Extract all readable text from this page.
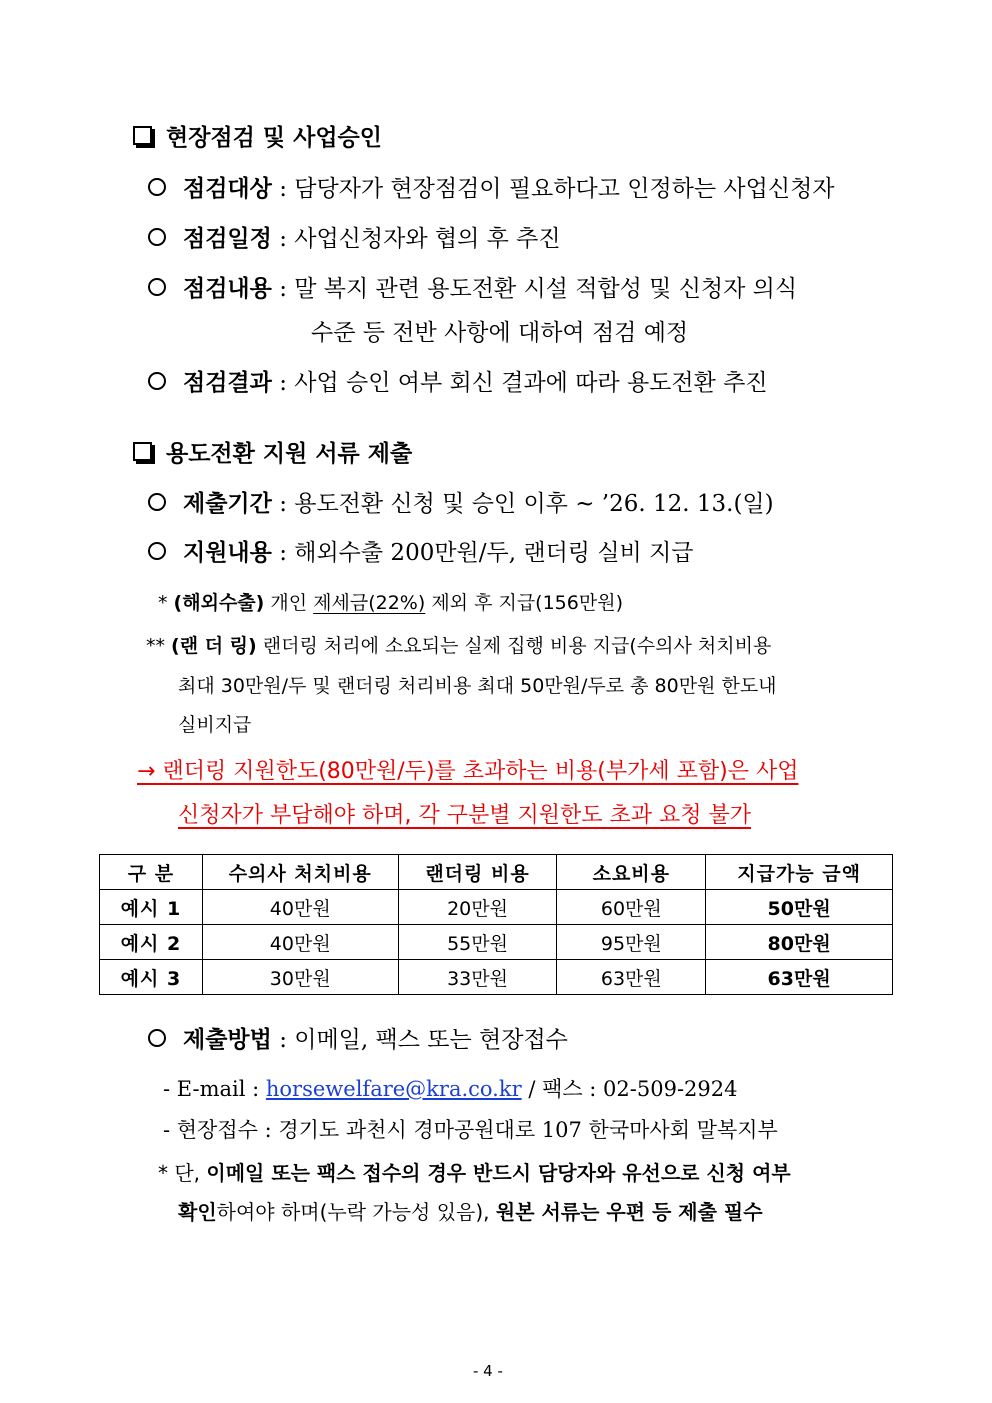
현장점검 및 사업승인
점검대상 : 담당자가 현장점검이 필요하다고 인정하는 사업신청자
점검일정 : 사업신청자와 협의 후 추진
점검내용 : 말 복지 관련 용도전환 시설 적합성 및 신청자 의식
수준 등 전반 사항에 대하여 점검 예정
점검결과 : 사업 승인 여부 회신 결과에 따라 용도전환 추진
용도전환 지원 서류 제출
제출기간 : 용도전환 신청 및 승인 이후 ~ ’26. 12. 13.(일)
지원내용 : 해외수출 200만원/두, 랜더링 실비 지급
* (해외수출) 개인 제세금(22%) 제외 후 지급(156만원)
** (랜 더 링) 랜더링 처리에 소요되는 실제 집행 비용 지급(수의사 처치비용
최대 30만원/두 및 랜더링 처리비용 최대 50만원/두로 총 80만원 한도내
실비지급
→ 랜더링 지원한도(80만원/두)를 초과하는 비용(부가세 포함)은 사업
신청자가 부담해야 하며, 각 구분별 지원한도 초과 요청 불가
구 분	수의사 처치비용	랜더링 비용	소요비용	지급가능 금액
예시 1	40만원	20만원	60만원	50만원
예시 2	40만원	55만원	95만원	80만원
예시 3	30만원	33만원	63만원	63만원
제출방법 : 이메일, 팩스 또는 현장접수
- E-mail : horsewelfare@kra.co.kr / 팩스 : 02-509-2924
- 현장접수 : 경기도 과천시 경마공원대로 107 한국마사회 말복지부
* 단, 이메일 또는 팩스 접수의 경우 반드시 담당자와 유선으로 신청 여부
확인하여야 하며(누락 가능성 있음), 원본 서류는 우편 등 제출 필수
- 4 -
